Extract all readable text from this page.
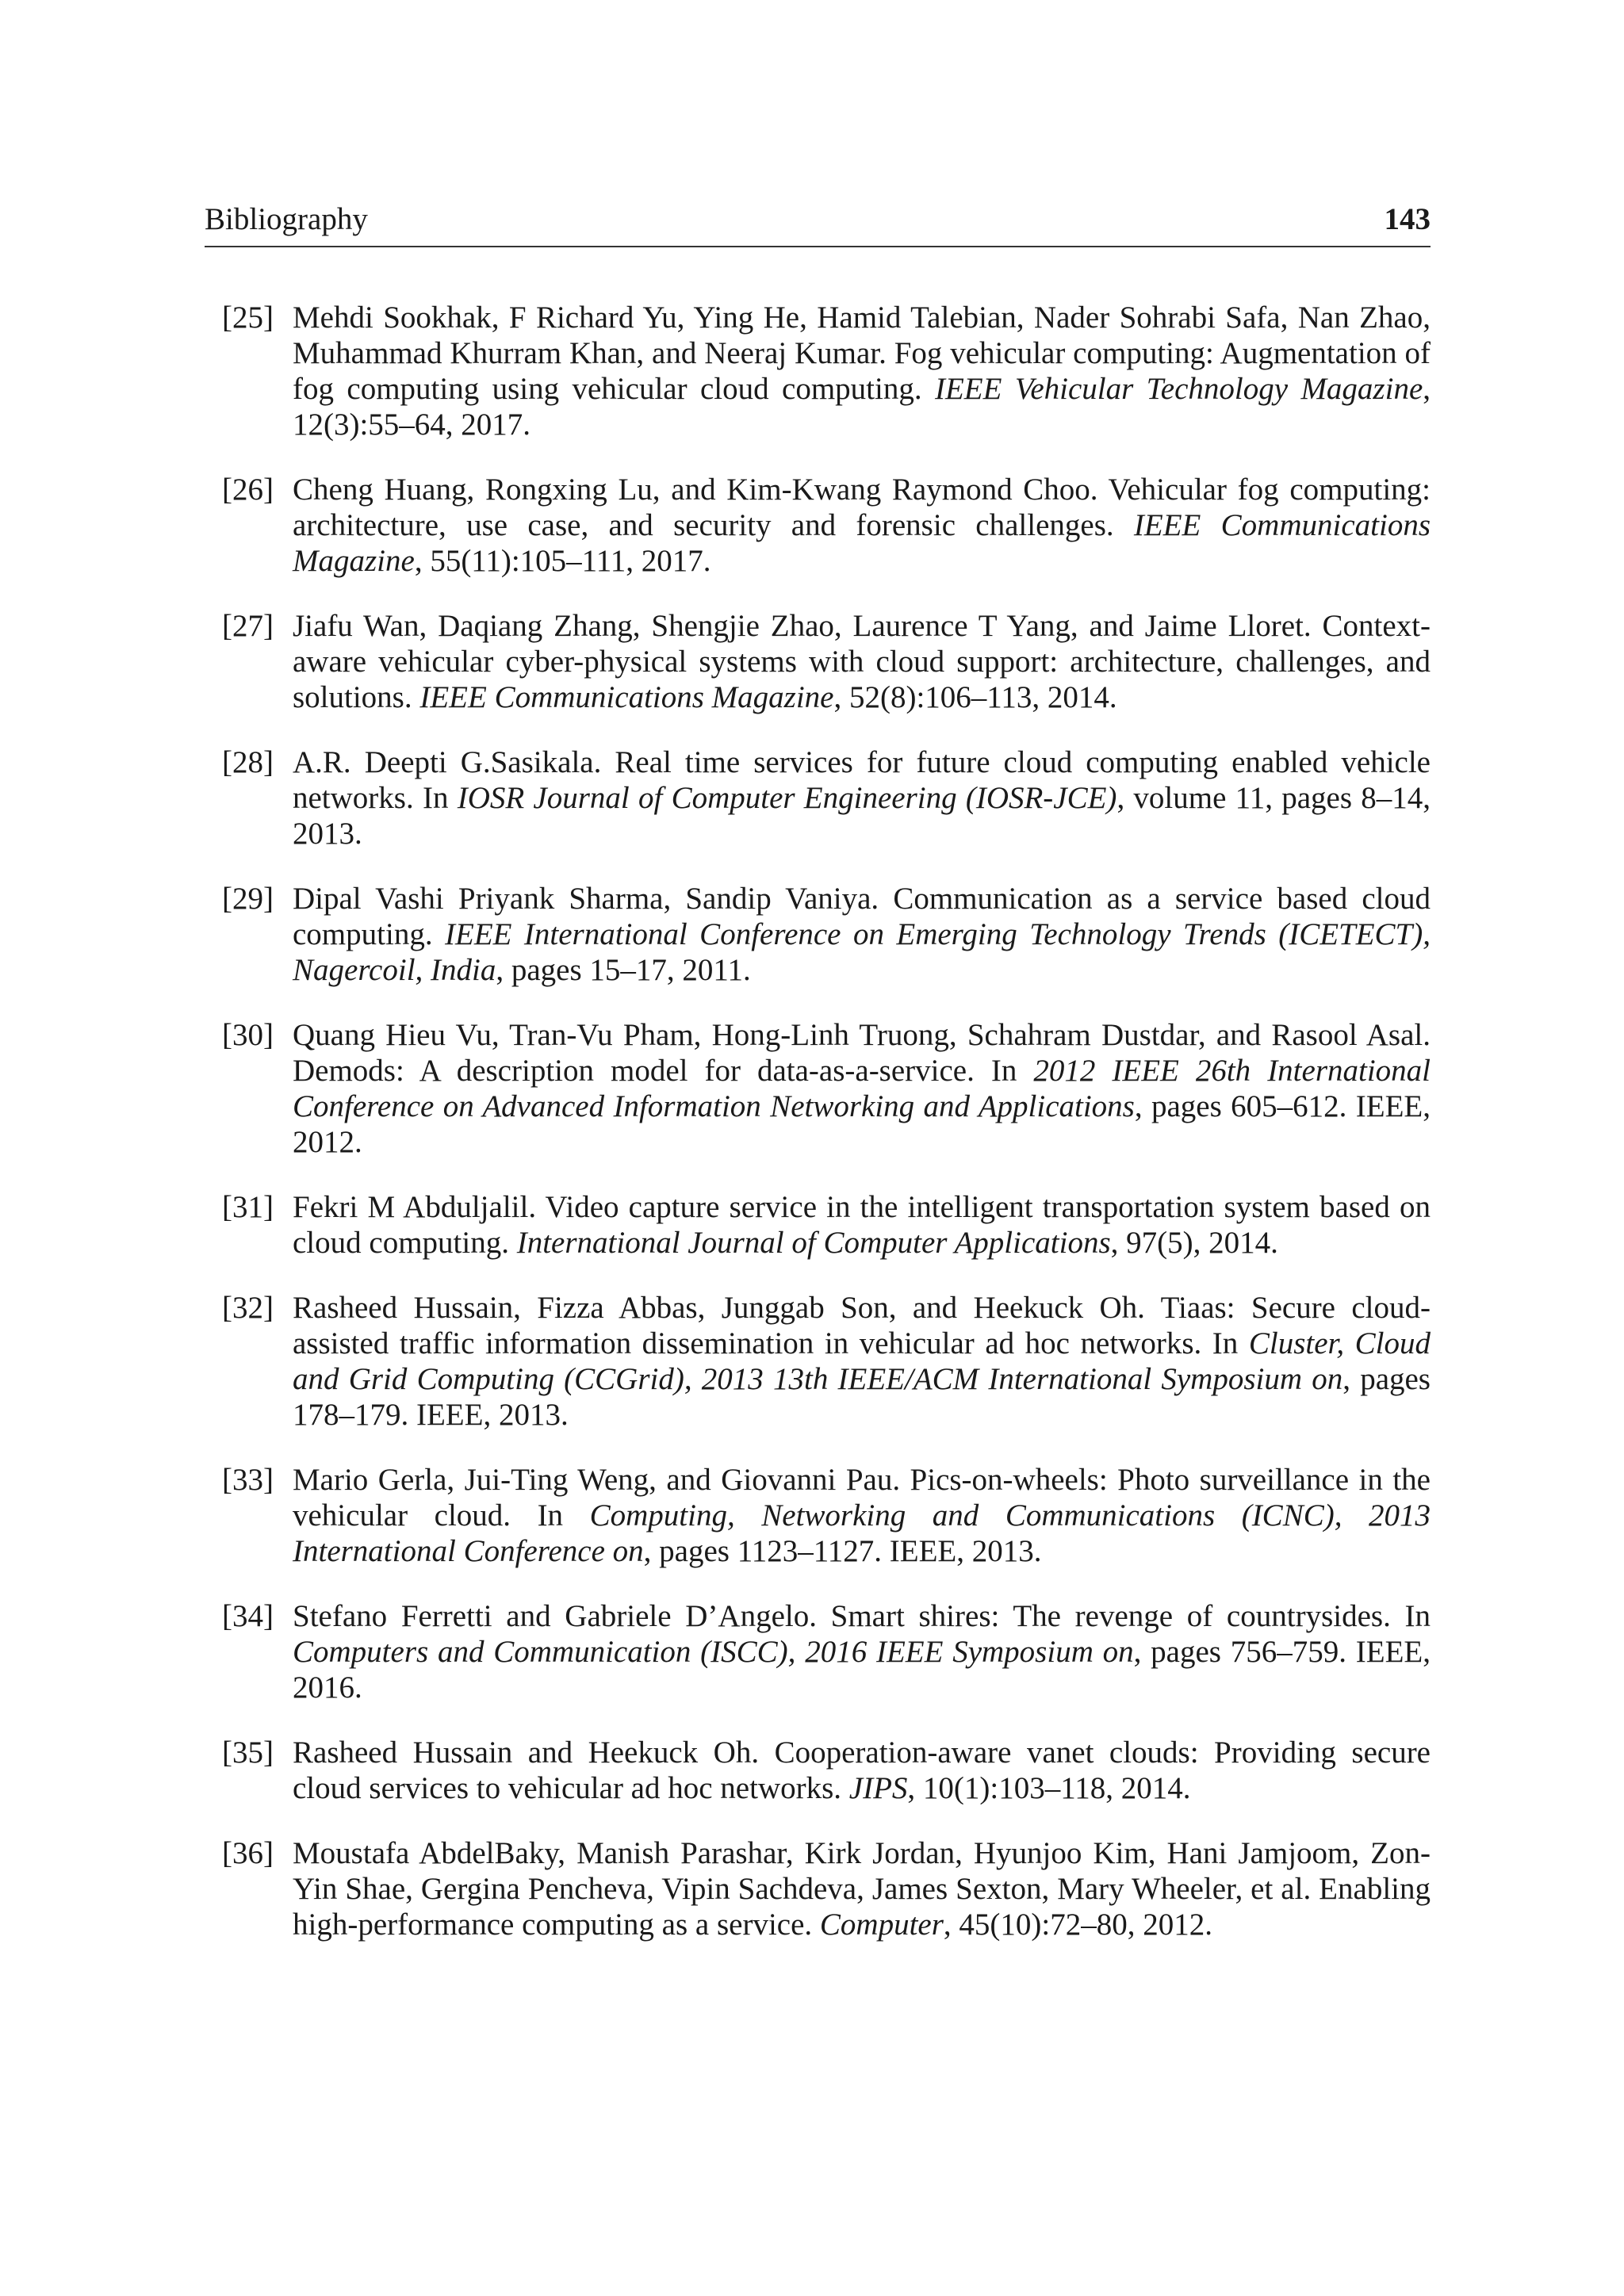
Bibliography	143
[25] Mehdi Sookhak, F Richard Yu, Ying He, Hamid Talebian, Nader Sohrabi Safa, Nan Zhao, Muhammad Khurram Khan, and Neeraj Kumar. Fog vehicular computing: Augmentation of fog computing using vehicular cloud computing. IEEE Vehicular Technology Magazine, 12(3):55–64, 2017.
[26] Cheng Huang, Rongxing Lu, and Kim-Kwang Raymond Choo. Vehicular fog computing: architecture, use case, and security and forensic challenges. IEEE Communications Magazine, 55(11):105–111, 2017.
[27] Jiafu Wan, Daqiang Zhang, Shengjie Zhao, Laurence T Yang, and Jaime Lloret. Context-aware vehicular cyber-physical systems with cloud support: architecture, challenges, and solutions. IEEE Communications Magazine, 52(8):106–113, 2014.
[28] A.R. Deepti G.Sasikala. Real time services for future cloud computing enabled vehicle networks. In IOSR Journal of Computer Engineering (IOSR-JCE), volume 11, pages 8–14, 2013.
[29] Dipal Vashi Priyank Sharma, Sandip Vaniya. Communication as a service based cloud computing. IEEE International Conference on Emerging Technology Trends (ICETECT), Nagercoil, India, pages 15–17, 2011.
[30] Quang Hieu Vu, Tran-Vu Pham, Hong-Linh Truong, Schahram Dustdar, and Rasool Asal. Demods: A description model for data-as-a-service. In 2012 IEEE 26th International Conference on Advanced Information Networking and Applications, pages 605–612. IEEE, 2012.
[31] Fekri M Abduljalil. Video capture service in the intelligent transportation system based on cloud computing. International Journal of Computer Applications, 97(5), 2014.
[32] Rasheed Hussain, Fizza Abbas, Junggab Son, and Heekuck Oh. Tiaas: Secure cloud-assisted traffic information dissemination in vehicular ad hoc networks. In Cluster, Cloud and Grid Computing (CCGrid), 2013 13th IEEE/ACM International Symposium on, pages 178–179. IEEE, 2013.
[33] Mario Gerla, Jui-Ting Weng, and Giovanni Pau. Pics-on-wheels: Photo surveillance in the vehicular cloud. In Computing, Networking and Communications (ICNC), 2013 International Conference on, pages 1123–1127. IEEE, 2013.
[34] Stefano Ferretti and Gabriele D’Angelo. Smart shires: The revenge of countrysides. In Computers and Communication (ISCC), 2016 IEEE Symposium on, pages 756–759. IEEE, 2016.
[35] Rasheed Hussain and Heekuck Oh. Cooperation-aware vanet clouds: Providing secure cloud services to vehicular ad hoc networks. JIPS, 10(1):103–118, 2014.
[36] Moustafa AbdelBaky, Manish Parashar, Kirk Jordan, Hyunjoo Kim, Hani Jamjoom, Zon-Yin Shae, Gergina Pencheva, Vipin Sachdeva, James Sexton, Mary Wheeler, et al. Enabling high-performance computing as a service. Computer, 45(10):72–80, 2012.
